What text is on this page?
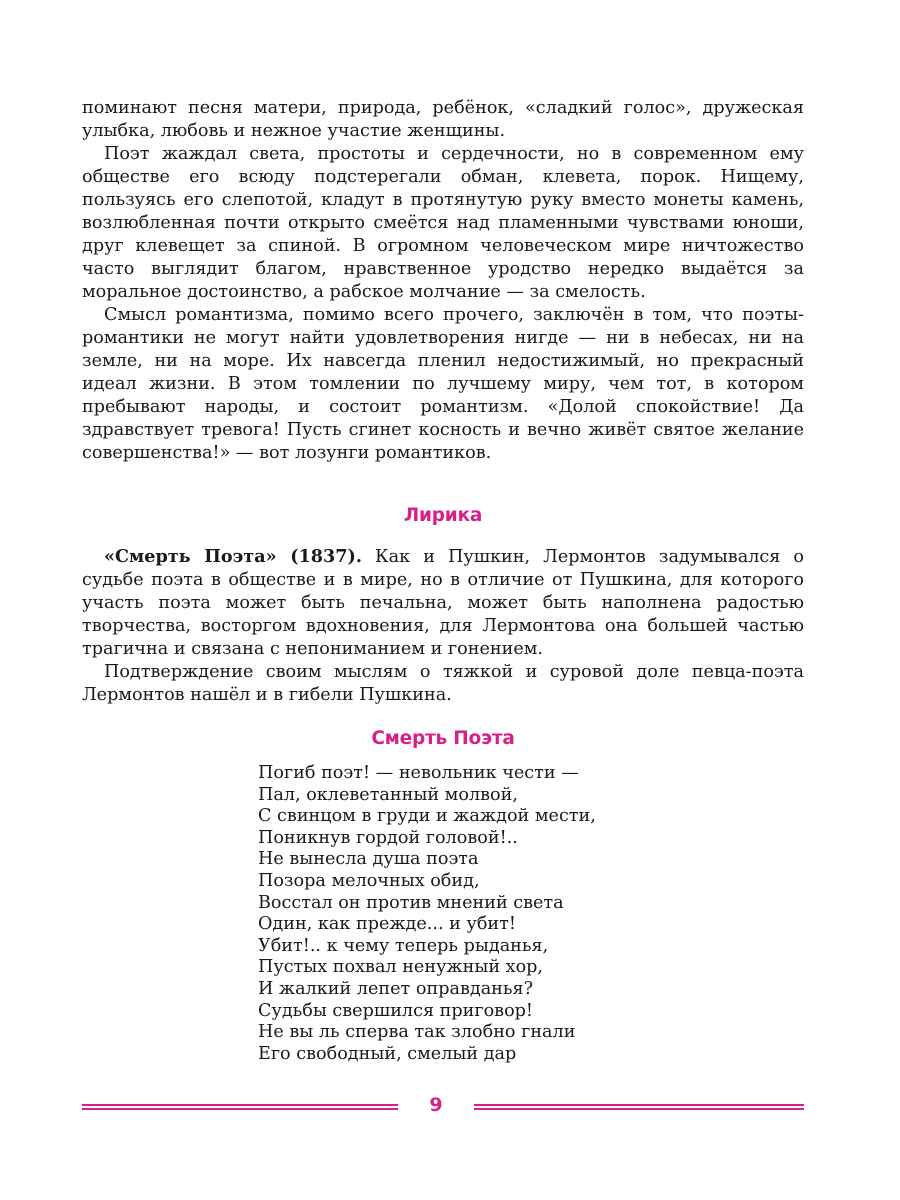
поминают песня матери, природа, ребёнок, «сладкий голос», дружеская улыбка, любовь и нежное участие женщины.

Поэт жаждал света, простоты и сердечности, но в современном ему обществе его всюду подстерегали обман, клевета, порок. Нищему, пользуясь его слепотой, кладут в протянутую руку вместо монеты камень, возлюбленная почти открыто смеётся над пламенными чувствами юноши, друг клевещет за спиной. В огромном человеческом мире ничтожество часто выглядит благом, нравственное уродство нередко выдаётся за моральное достоинство, а рабское молчание — за смелость.

Смысл романтизма, помимо всего прочего, заключён в том, что поэты-романтики не могут найти удовлетворения нигде — ни в небесах, ни на земле, ни на море. Их навсегда пленил недостижимый, но прекрасный идеал жизни. В этом томлении по лучшему миру, чем тот, в котором пребывают народы, и состоит романтизм. «Долой спокойствие! Да здравствует тревога! Пусть сгинет косность и вечно живёт святое желание совершенства!» — вот лозунги романтиков.

Лирика

«Смерть Поэта» (1837). Как и Пушкин, Лермонтов задумывался о судьбе поэта в обществе и в мире, но в отличие от Пушкина, для которого участь поэта может быть печальна, может быть наполнена радостью творчества, восторгом вдохновения, для Лермонтова она большей частью трагична и связана с непониманием и гонением.

Подтверждение своим мыслям о тяжкой и суровой доле певца-поэта Лермонтов нашёл и в гибели Пушкина.

Смерть Поэта
Погиб поэт! — невольник чести —
Пал, оклеветанный молвой,
С свинцом в груди и жаждой мести,
Поникнув гордой головой!..
Не вынесла душа поэта
Позора мелочных обид,
Восстал он против мнений света
Один, как прежде... и убит!
Убит!.. к чему теперь рыданья,
Пустых похвал ненужный хор,
И жалкий лепет оправданья?
Судьбы свершился приговор!
Не вы ль сперва так злобно гнали
Его свободный, смелый дар
9
